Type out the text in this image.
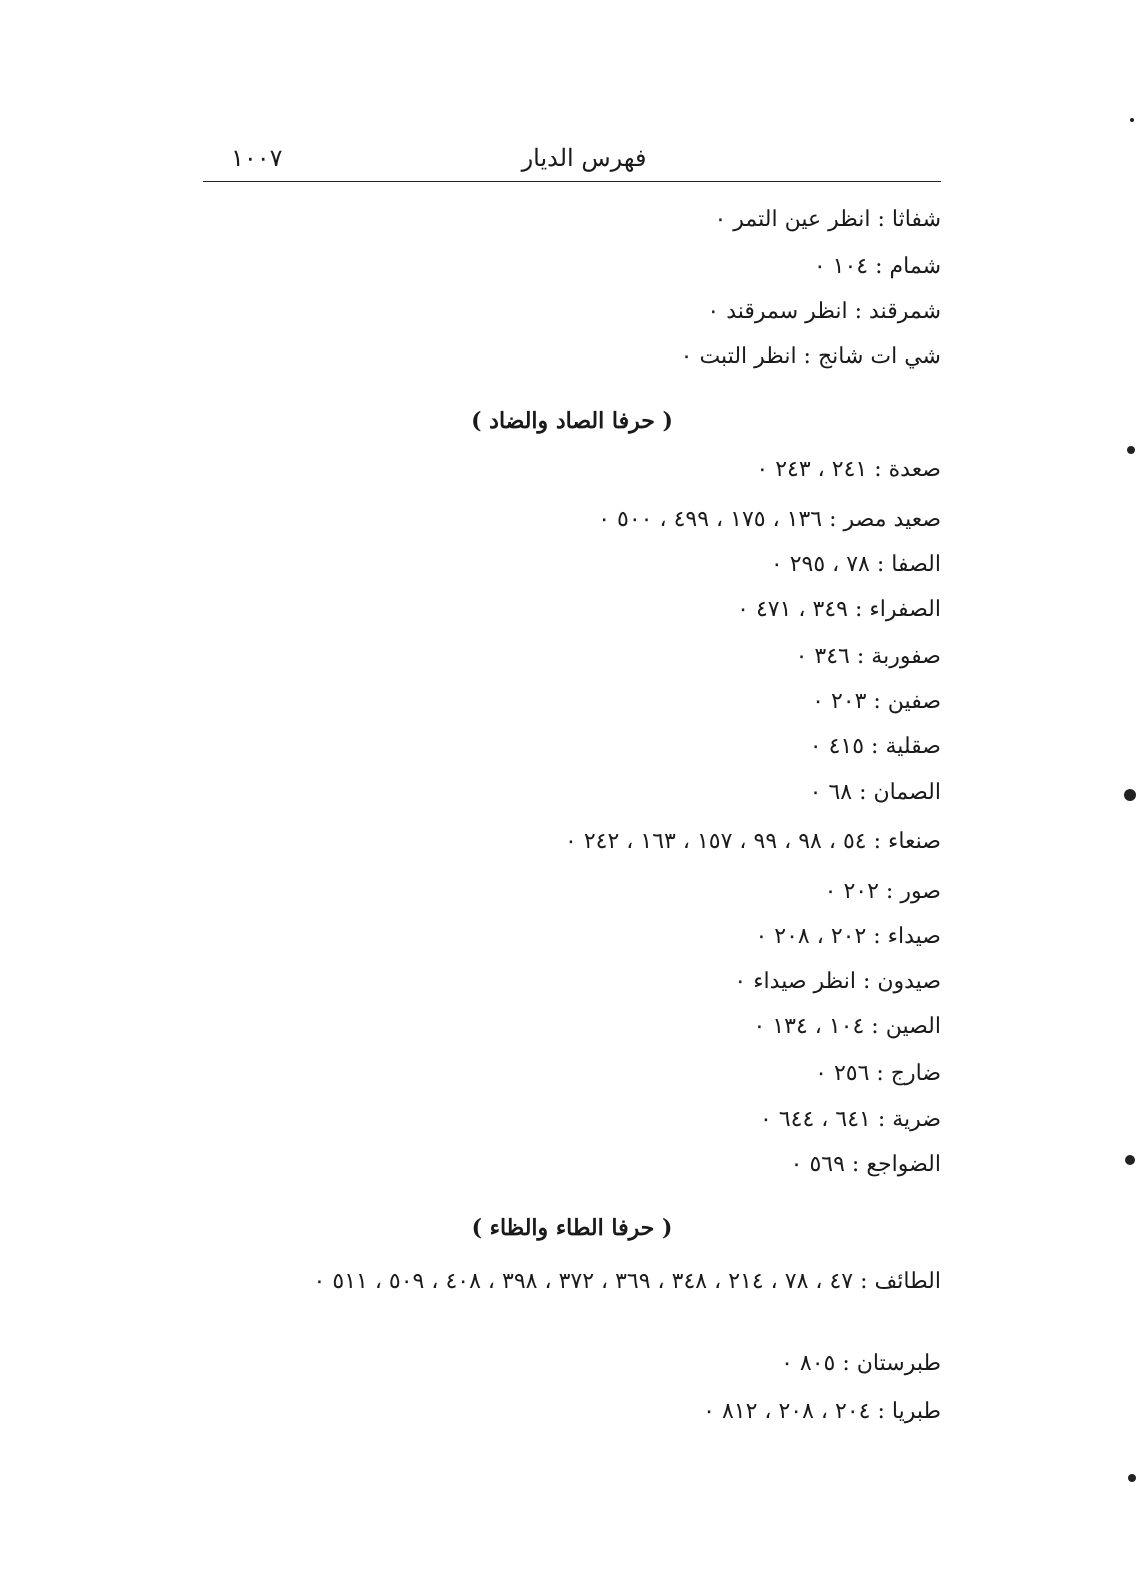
١٠٠٧	فهرس الديار
شفاثا : انظر عين التمر ٠
شمام : ١٠٤ ٠
شمرقند : انظر سمرقند ٠
شي ات شانج : انظر التبت ٠
( حرفا الصاد والضاد )
صعدة : ٢٤١ ، ٢٤٣ ٠
صعيد مصر : ١٣٦ ، ١٧٥ ، ٤٩٩ ، ٥٠٠ ٠
الصفا : ٧٨ ، ٢٩٥ ٠
الصفراء : ٣٤٩ ، ٤٧١ ٠
صفوربة : ٣٤٦ ٠
صفين : ٢٠٣ ٠
صقلية : ٤١٥ ٠
الصمان : ٦٨ ٠
صنعاء : ٥٤ ، ٩٨ ، ٩٩ ، ١٥٧ ، ١٦٣ ، ٢٤٢ ٠
صور : ٢٠٢ ٠
صيداء : ٢٠٢ ، ٢٠٨ ٠
صيدون : انظر صيداء ٠
الصين : ١٠٤ ، ١٣٤ ٠
ضارج : ٢٥٦ ٠
ضرية : ٦٤١ ، ٦٤٤ ٠
الضواجع : ٥٦٩ ٠
( حرفا الطاء والظاء )
الطائف : ٤٧ ، ٧٨ ، ٢١٤ ، ٣٤٨ ، ٣٦٩ ، ٣٧٢ ، ٣٩٨ ، ٤٠٨ ، ٥٠٩ ، ٥١١ ٠
طبرستان : ٨٠٥ ٠
طبريا : ٢٠٤ ، ٢٠٨ ، ٨١٢ ٠
